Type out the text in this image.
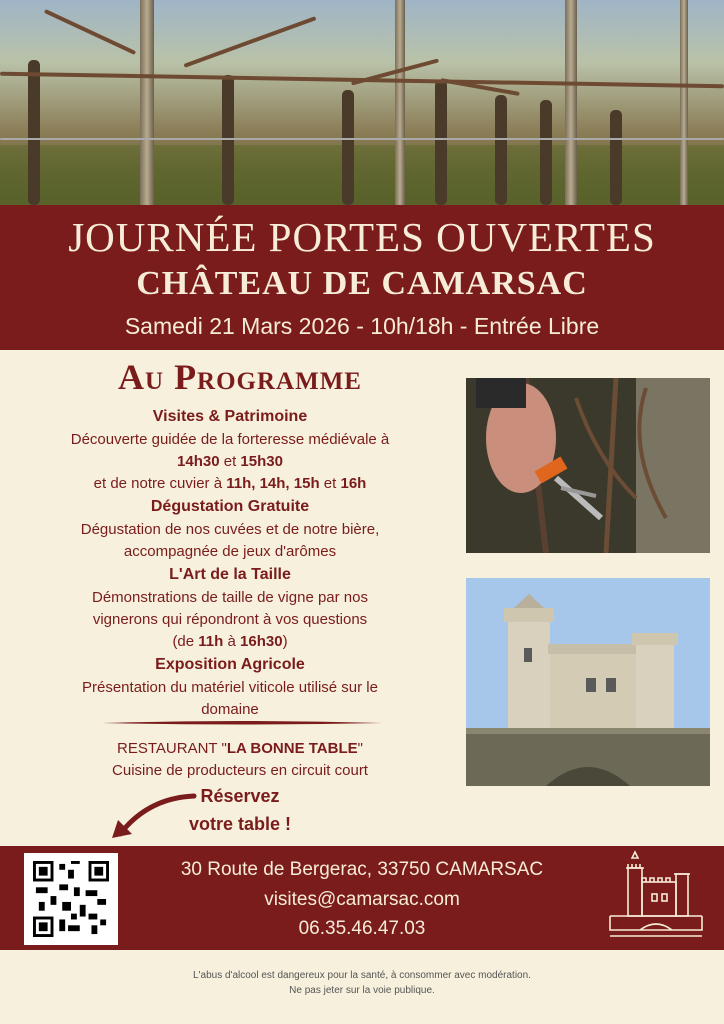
JOURNÉE PORTES OUVERTES
CHÂTEAU DE CAMARSAC
Samedi 21 Mars 2026 - 10h/18h - Entrée Libre
Au Programme
Visites & Patrimoine
Découverte guidée de la forteresse médiévale à
14h30 et 15h30
et de notre cuvier à 11h, 14h, 15h et 16h
Dégustation Gratuite
Dégustation de nos cuvées et de notre bière,
accompagnée de jeux d'arômes
L'Art de la Taille
Démonstrations de taille de vigne par nos
vignerons qui répondront à vos questions
(de 11h à 16h30)
Exposition Agricole
Présentation du matériel viticole utilisé sur le
domaine
RESTAURANT "LA BONNE TABLE"
Cuisine de producteurs en circuit court
Réservez
votre table !
30 Route de Bergerac, 33750 CAMARSAC
visites@camarsac.com
06.35.46.47.03
L'abus d'alcool est dangereux pour la santé, à consommer avec modération.
Ne pas jeter sur la voie publique.
